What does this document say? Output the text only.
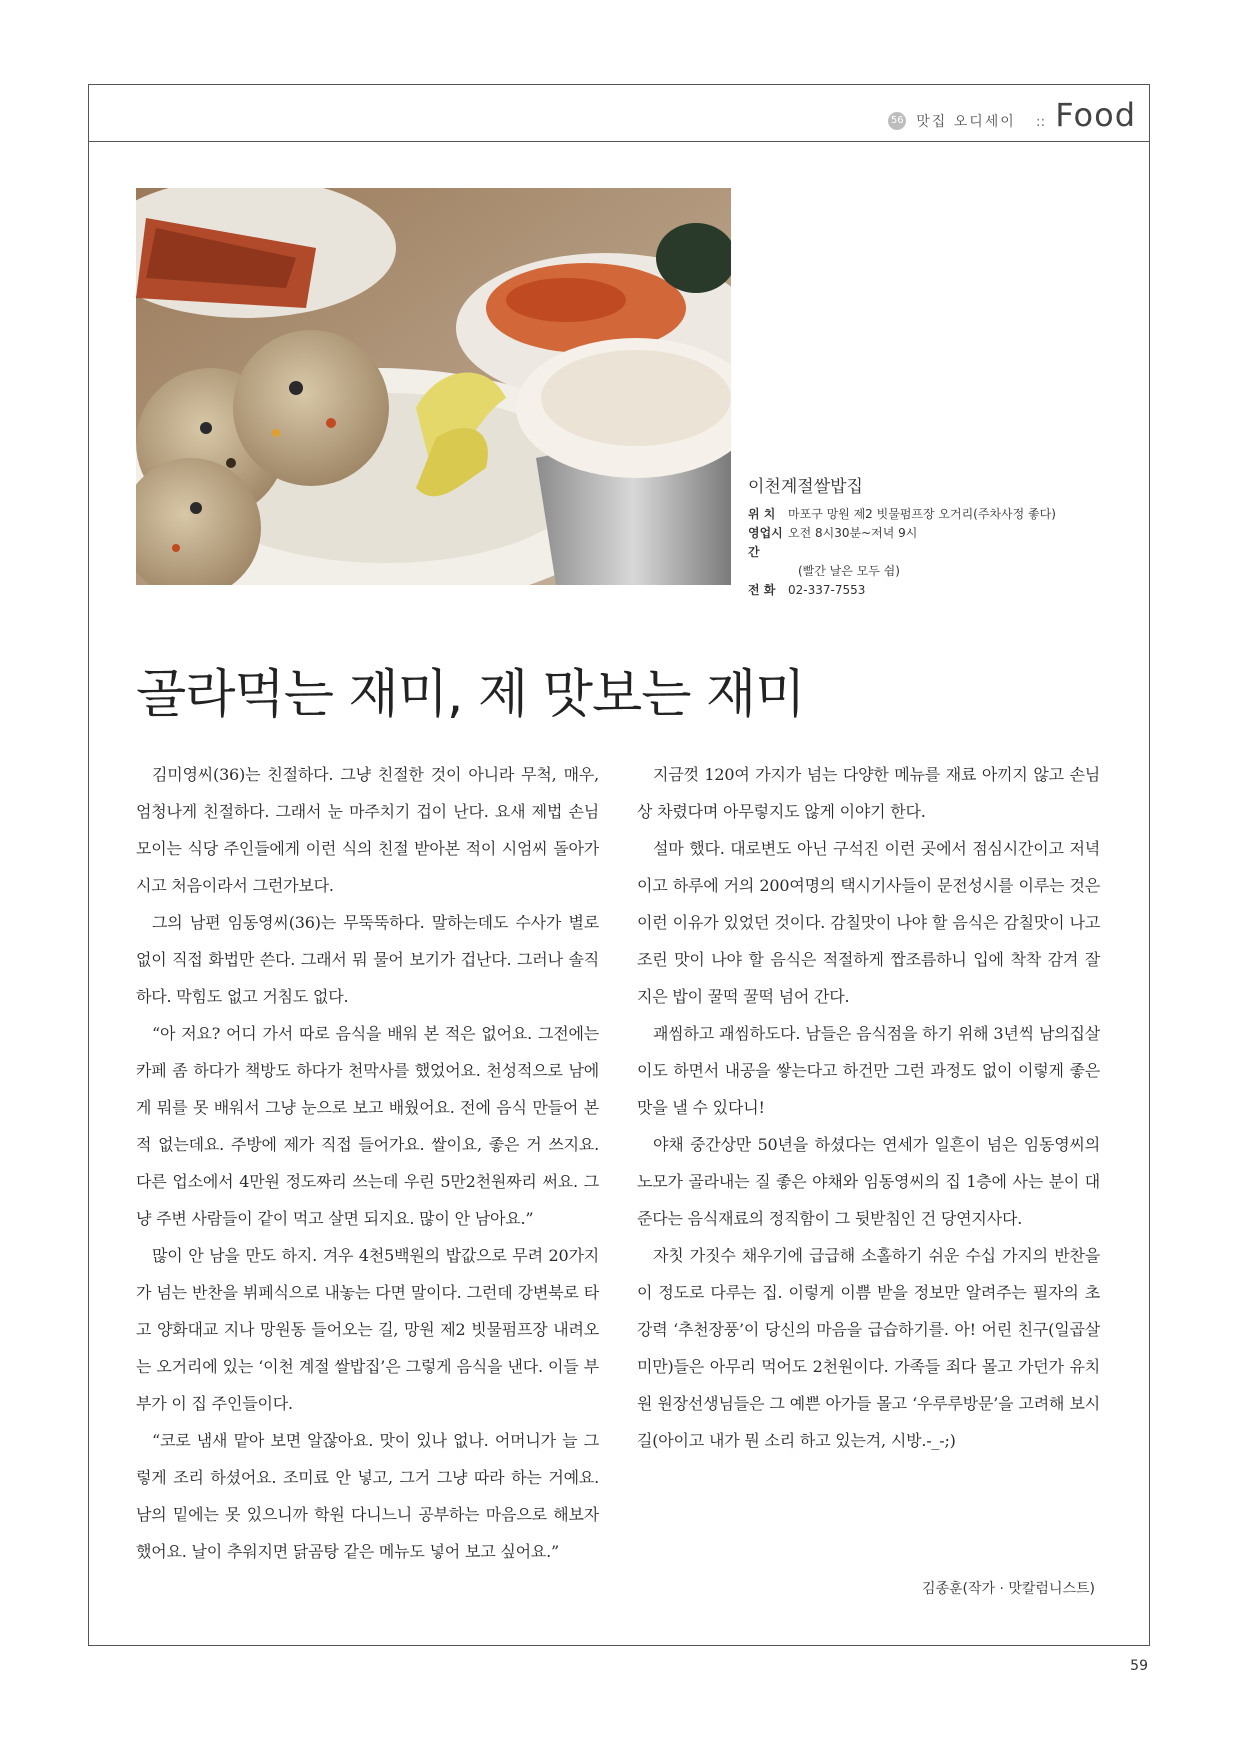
56 맛집 오디세이 :: Food
이천계절쌀밥집
위 치	마포구 망원 제2 빗물펌프장 오거리(주차사정 좋다)
영업시간
오전 8시30분~저녁 9시
(빨간 날은 모두 쉼)
전 화	02-337-7553
골라먹는 재미, 제 맛보는 재미

김미영씨(36)는 친절하다. 그냥 친절한 것이 아니라 무척, 매우, 엄청나게 친절하다. 그래서 눈 마주치기 겁이 난다. 요새 제법 손님 모이는 식당 주인들에게 이런 식의 친절 받아본 적이 시엄씨 돌아가시고 처음이라서 그런가보다.

그의 남편 임동영씨(36)는 무뚝뚝하다. 말하는데도 수사가 별로 없이 직접 화법만 쓴다. 그래서 뭐 물어 보기가 겁난다. 그러나 솔직하다. 막힘도 없고 거침도 없다.

“아 저요? 어디 가서 따로 음식을 배워 본 적은 없어요. 그전에는 카페 좀 하다가 책방도 하다가 천막사를 했었어요. 천성적으로 남에게 뭐를 못 배워서 그냥 눈으로 보고 배웠어요. 전에 음식 만들어 본 적 없는데요. 주방에 제가 직접 들어가요. 쌀이요, 좋은 거 쓰지요. 다른 업소에서 4만원 정도짜리 쓰는데 우린 5만2천원짜리 써요. 그냥 주변 사람들이 같이 먹고 살면 되지요. 많이 안 남아요.”

많이 안 남을 만도 하지. 겨우 4천5백원의 밥값으로 무려 20가지가 넘는 반찬을 뷔페식으로 내놓는 다면 말이다. 그런데 강변북로 타고 양화대교 지나 망원동 들어오는 길, 망원 제2 빗물펌프장 내려오는 오거리에 있는 ‘이천 계절 쌀밥집’은 그렇게 음식을 낸다. 이들 부부가 이 집 주인들이다.

“코로 냄새 맡아 보면 알잖아요. 맛이 있나 없나. 어머니가 늘 그렇게 조리 하셨어요. 조미료 안 넣고, 그거 그냥 따라 하는 거예요. 남의 밑에는 못 있으니까 학원 다니느니 공부하는 마음으로 해보자 했어요. 날이 추워지면 닭곰탕 같은 메뉴도 넣어 보고 싶어요.”

지금껏 120여 가지가 넘는 다양한 메뉴를 재료 아끼지 않고 손님상 차렸다며 아무렇지도 않게 이야기 한다.

설마 했다. 대로변도 아닌 구석진 이런 곳에서 점심시간이고 저녁이고 하루에 거의 200여명의 택시기사들이 문전성시를 이루는 것은 이런 이유가 있었던 것이다. 감칠맛이 나야 할 음식은 감칠맛이 나고 조린 맛이 나야 할 음식은 적절하게 짭조름하니 입에 착착 감겨 잘 지은 밥이 꿀떡 꿀떡 넘어 간다.

괘씸하고 괘씸하도다. 남들은 음식점을 하기 위해 3년씩 남의집살이도 하면서 내공을 쌓는다고 하건만 그런 과정도 없이 이렇게 좋은 맛을 낼 수 있다니!

야채 중간상만 50년을 하셨다는 연세가 일흔이 넘은 임동영씨의 노모가 골라내는 질 좋은 야채와 임동영씨의 집 1층에 사는 분이 대준다는 음식재료의 정직함이 그 뒷받침인 건 당연지사다.

자칫 가짓수 채우기에 급급해 소홀하기 쉬운 수십 가지의 반찬을 이 정도로 다루는 집. 이렇게 이쁨 받을 정보만 알려주는 필자의 초강력 ‘추천장풍’이 당신의 마음을 급습하기를. 아! 어린 친구(일곱살 미만)들은 아무리 먹어도 2천원이다. 가족들 죄다 몰고 가던가 유치원 원장선생님들은 그 예쁜 아가들 몰고 ‘우루루방문’을 고려해 보시길(아이고 내가 뭔 소리 하고 있는겨, 시방.-_-;)

김종훈(작가 · 맛칼럼니스트)
59
